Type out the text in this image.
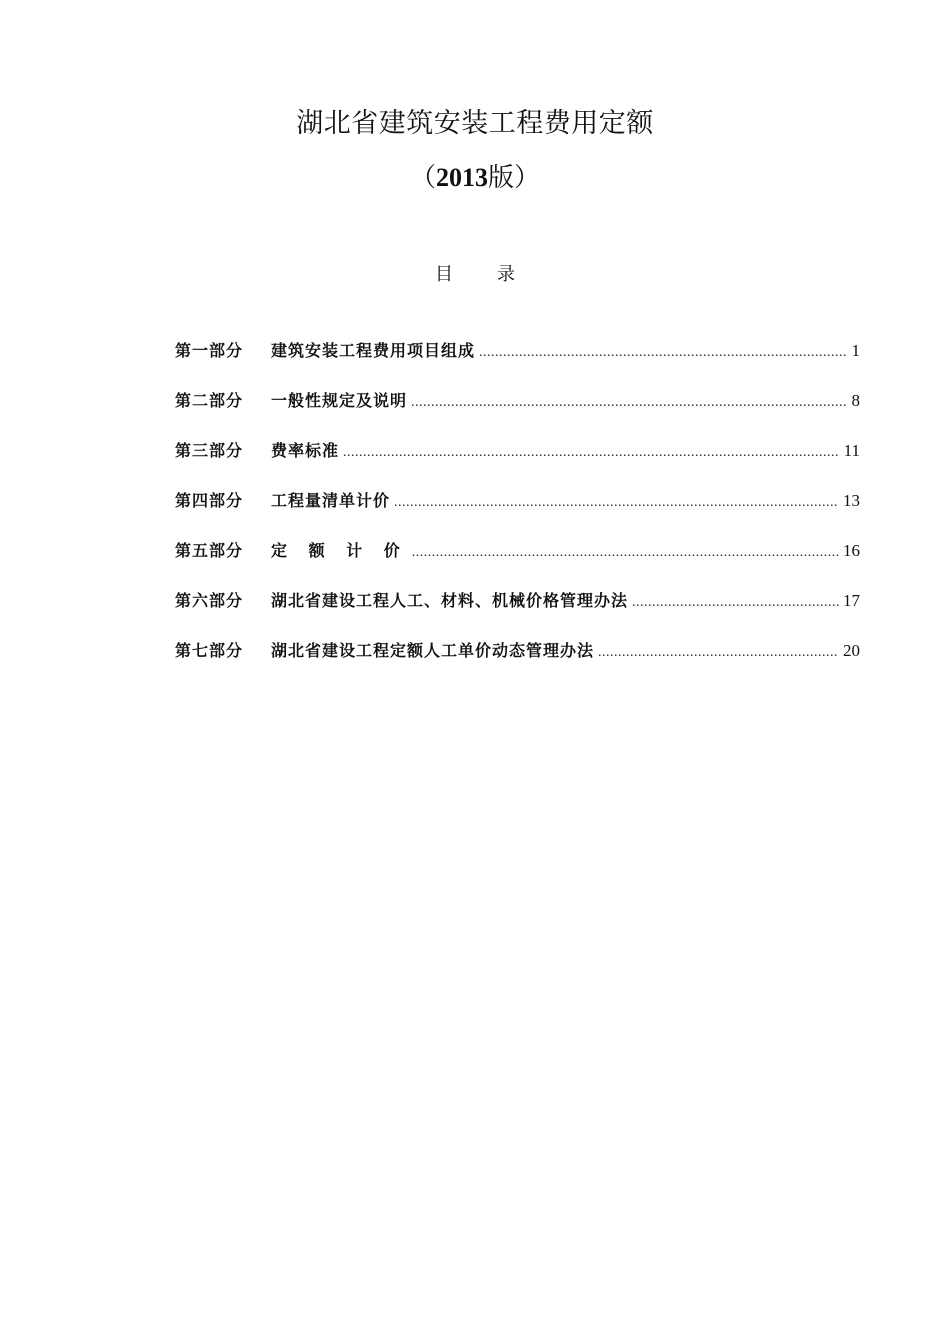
湖北省建筑安装工程费用定额
（2013版）
目录
第一部分	建筑安装工程费用项目组成 .....	1
第二部分	一般性规定及说明 .....	8
第三部分	费率标准 .....	11
第四部分	工程量清单计价 .....	13
第五部分	定 额 计 价 .....	16
第六部分	湖北省建设工程人工、材料、机械价格管理办法 .....	17
第七部分	湖北省建设工程定额人工单价动态管理办法 .....	20
